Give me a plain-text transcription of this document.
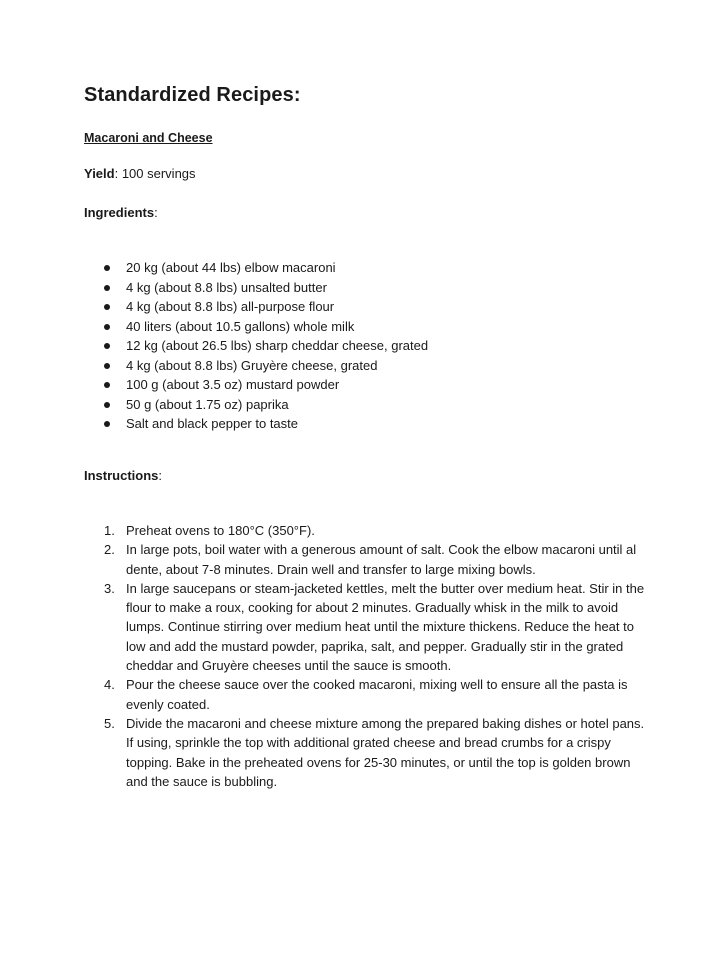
Standardized Recipes:
Macaroni and Cheese
Yield: 100 servings
Ingredients:
20 kg (about 44 lbs) elbow macaroni
4 kg (about 8.8 lbs) unsalted butter
4 kg (about 8.8 lbs) all-purpose flour
40 liters (about 10.5 gallons) whole milk
12 kg (about 26.5 lbs) sharp cheddar cheese, grated
4 kg (about 8.8 lbs) Gruyère cheese, grated
100 g (about 3.5 oz) mustard powder
50 g (about 1.75 oz) paprika
Salt and black pepper to taste
Instructions:
1. Preheat ovens to 180°C (350°F).
2. In large pots, boil water with a generous amount of salt. Cook the elbow macaroni until al dente, about 7-8 minutes. Drain well and transfer to large mixing bowls.
3. In large saucepans or steam-jacketed kettles, melt the butter over medium heat. Stir in the flour to make a roux, cooking for about 2 minutes. Gradually whisk in the milk to avoid lumps. Continue stirring over medium heat until the mixture thickens. Reduce the heat to low and add the mustard powder, paprika, salt, and pepper. Gradually stir in the grated cheddar and Gruyère cheeses until the sauce is smooth.
4. Pour the cheese sauce over the cooked macaroni, mixing well to ensure all the pasta is evenly coated.
5. Divide the macaroni and cheese mixture among the prepared baking dishes or hotel pans. If using, sprinkle the top with additional grated cheese and bread crumbs for a crispy topping. Bake in the preheated ovens for 25-30 minutes, or until the top is golden brown and the sauce is bubbling.
